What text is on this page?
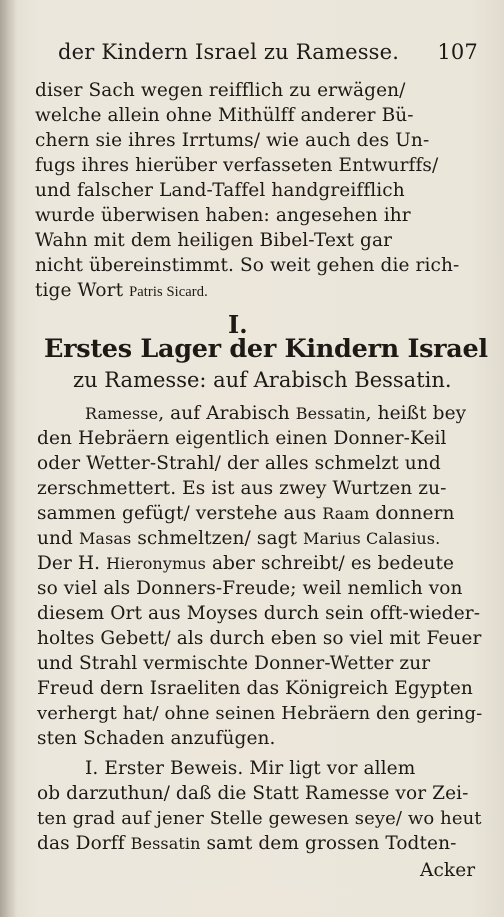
der Kindern Israel zu Ramesse. 107
diser Sach wegen reifflich zu erwägen/
welche allein ohne Mithülff anderer Bü-
chern sie ihres Irrtums/ wie auch des Un-
fugs ihres hierüber verfasseten Entwurffs/
und falscher Land-Taffel handgreifflich
wurde überwisen haben: angesehen ihr
Wahn mit dem heiligen Bibel-Text gar
nicht übereinstimmt. So weit gehen die rich-
tige Wort Patris Sicard.
I.
Erstes Lager der Kindern Israel
zu Ramesse: auf Arabisch Bessatin.
Ramesse, auf Arabisch Bessatin, heißt bey
den Hebräern eigentlich einen Donner-Keil
oder Wetter-Strahl/ der alles schmelzt und
zerschmettert. Es ist aus zwey Wurtzen zu-
sammen gefügt/ verstehe aus Raam donnern
und Masas schmeltzen/ sagt Marius Calasius.
Der H. Hieronymus aber schreibt/ es bedeute
so viel als Donners-Freude; weil nemlich von
diesem Ort aus Moyses durch sein offt-wieder-
holtes Gebett/ als durch eben so viel mit Feuer
und Strahl vermischte Donner-Wetter zur
Freud dern Israeliten das Königreich Egypten
verhergt hat/ ohne seinen Hebräern den gering-
sten Schaden anzufügen.
I. Erster Beweis. Mir ligt vor allem
ob darzuthun/ daß die Statt Ramesse vor Zei-
ten grad auf jener Stelle gewesen seye/ wo heut
das Dorff Bessatin samt dem grossen Todten-
Acker
